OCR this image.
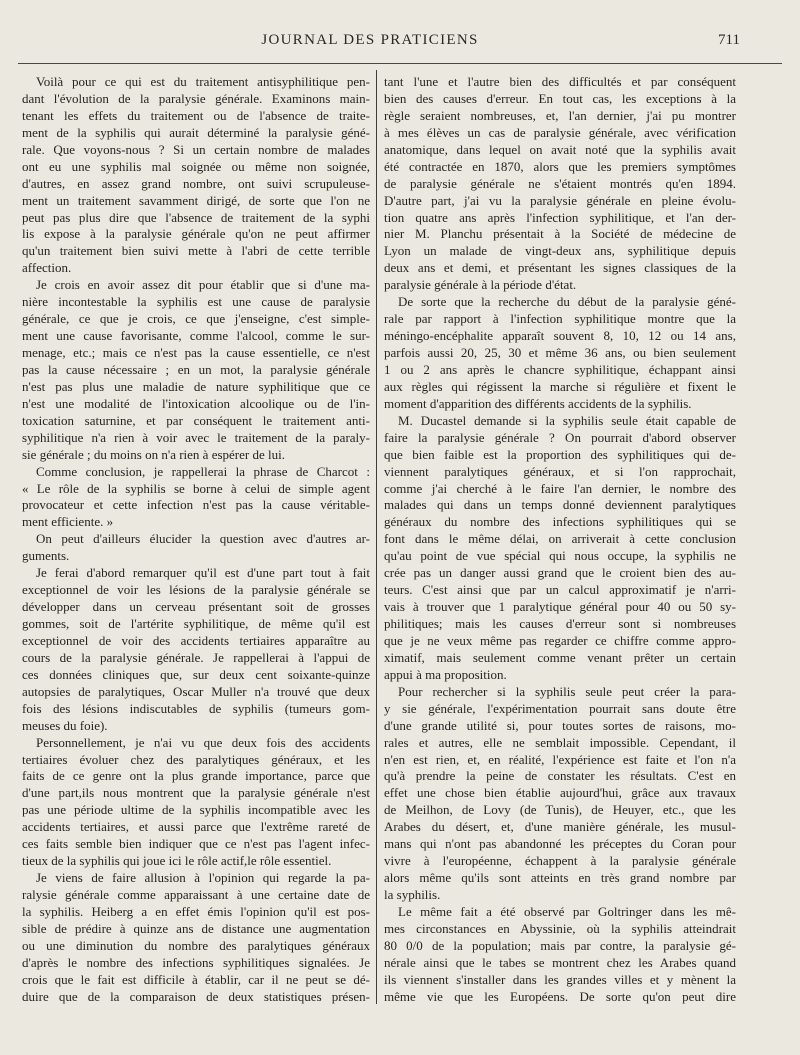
JOURNAL DES PRATICIENS	711
Voilà pour ce qui est du traitement antisyphilitique pen-
dant l'évolution de la paralysie générale. Examinons main-
tenant les effets du traitement ou de l'absence de traite-
ment de la syphilis qui aurait déterminé la paralysie géné-
rale. Que voyons-nous ? Si un certain nombre de malades
ont eu une syphilis mal soignée ou même non soignée,
d'autres, en assez grand nombre, ont suivi scrupuleuse-
ment un traitement savamment dirigé, de sorte que l'on ne
peut pas plus dire que l'absence de traitement de la syphi
lis expose à la paralysie générale qu'on ne peut affirmer
qu'un traitement bien suivi mette à l'abri de cette terrible
affection.
Je crois en avoir assez dit pour établir que si d'une ma-
nière incontestable la syphilis est une cause de paralysie
générale, ce que je crois, ce que j'enseigne, c'est simple-
ment une cause favorisante, comme l'alcool, comme le sur-
menage, etc.; mais ce n'est pas la cause essentielle, ce n'est
pas la cause nécessaire ; en un mot, la paralysie générale
n'est pas plus une maladie de nature syphilitique que ce
n'est une modalité de l'intoxication alcoolique ou de l'in-
toxication saturnine, et par conséquent le traitement anti-
syphilitique n'a rien à voir avec le traitement de la paraly-
sie générale ; du moins on n'a rien à espérer de lui.
Comme conclusion, je rappellerai la phrase de Charcot :
« Le rôle de la syphilis se borne à celui de simple agent
provocateur et cette infection n'est pas la cause véritable-
ment efficiente. »
On peut d'ailleurs élucider la question avec d'autres ar-
guments.
Je ferai d'abord remarquer qu'il est d'une part tout à fait
exceptionnel de voir les lésions de la paralysie générale se
développer dans un cerveau présentant soit de grosses
gommes, soit de l'artérite syphilitique, de même qu'il est
exceptionnel de voir des accidents tertiaires apparaître au
cours de la paralysie générale. Je rappellerai à l'appui de
ces données cliniques que, sur deux cent soixante-quinze
autopsies de paralytiques, Oscar Muller n'a trouvé que deux
fois des lésions indiscutables de syphilis (tumeurs gom-
meuses du foie).
Personnellement, je n'ai vu que deux fois des accidents
tertiaires évoluer chez des paralytiques généraux, et les
faits de ce genre ont la plus grande importance, parce que
d'une part,ils nous montrent que la paralysie générale n'est
pas une période ultime de la syphilis incompatible avec les
accidents tertiaires, et aussi parce que l'extrême rareté de
ces faits semble bien indiquer que ce n'est pas l'agent infec-
tieux de la syphilis qui joue ici le rôle actif,le rôle essentiel.
Je viens de faire allusion à l'opinion qui regarde la pa-
ralysie générale comme apparaissant à une certaine date de
la syphilis. Heiberg a en effet émis l'opinion qu'il est pos-
sible de prédire à quinze ans de distance une augmentation
ou une diminution du nombre des paralytiques généraux
d'après le nombre des infections syphilitiques signalées. Je
crois que le fait est difficile à établir, car il ne peut se dé-
duire que de la comparaison de deux statistiques présen-
tant l'une et l'autre bien des difficultés et par conséquent
bien des causes d'erreur. En tout cas, les exceptions à la
règle seraient nombreuses, et, l'an dernier, j'ai pu montrer
à mes élèves un cas de paralysie générale, avec vérification
anatomique, dans lequel on avait noté que la syphilis avait
été contractée en 1870, alors que les premiers symptômes
de paralysie générale ne s'étaient montrés qu'en 1894.
D'autre part, j'ai vu la paralysie générale en pleine évolu-
tion quatre ans après l'infection syphilitique, et l'an der-
nier M. Planchu présentait à la Société de médecine de
Lyon un malade de vingt-deux ans, syphilitique depuis
deux ans et demi, et présentant les signes classiques de la
paralysie générale à la période d'état.
De sorte que la recherche du début de la paralysie géné-
rale par rapport à l'infection syphilitique montre que la
méningo-encéphalite apparaît souvent 8, 10, 12 ou 14 ans,
parfois aussi 20, 25, 30 et même 36 ans, ou bien seulement
1 ou 2 ans après le chancre syphilitique, échappant ainsi
aux règles qui régissent la marche si régulière et fixent le
moment d'apparition des différents accidents de la syphilis.
M. Ducastel demande si la syphilis seule était capable de
faire la paralysie générale ? On pourrait d'abord observer
que bien faible est la proportion des syphilitiques qui de-
viennent paralytiques généraux, et si l'on rapprochait,
comme j'ai cherché à le faire l'an dernier, le nombre des
malades qui dans un temps donné deviennent paralytiques
généraux du nombre des infections syphilitiques qui se
font dans le même délai, on arriverait à cette conclusion
qu'au point de vue spécial qui nous occupe, la syphilis ne
crée pas un danger aussi grand que le croient bien des au-
teurs. C'est ainsi que par un calcul approximatif je n'arri-
vais à trouver que 1 paralytique général pour 40 ou 50 sy-
philitiques; mais les causes d'erreur sont si nombreuses
que je ne veux même pas regarder ce chiffre comme appro-
ximatif, mais seulement comme venant prêter un certain
appui à ma proposition.
Pour rechercher si la syphilis seule peut créer la para-
y sie générale, l'expérimentation pourrait sans doute être
d'une grande utilité si, pour toutes sortes de raisons, mo-
rales et autres, elle ne semblait impossible. Cependant, il
n'en est rien, et, en réalité, l'expérience est faite et l'on n'a
qu'à prendre la peine de constater les résultats. C'est en
effet une chose bien établie aujourd'hui, grâce aux travaux
de Meilhon, de Lovy (de Tunis), de Heuyer, etc., que les
Arabes du désert, et, d'une manière générale, les musul-
mans qui n'ont pas abandonné les préceptes du Coran pour
vivre à l'européenne, échappent à la paralysie générale
alors même qu'ils sont atteints en très grand nombre par
la syphilis.
Le même fait a été observé par Goltringer dans les mê-
mes circonstances en Abyssinie, où la syphilis atteindrait
80 0/0 de la population; mais par contre, la paralysie gé-
nérale ainsi que le tabes se montrent chez les Arabes quand
ils viennent s'installer dans les grandes villes et y mènent la
même vie que les Européens. De sorte qu'on peut dire
